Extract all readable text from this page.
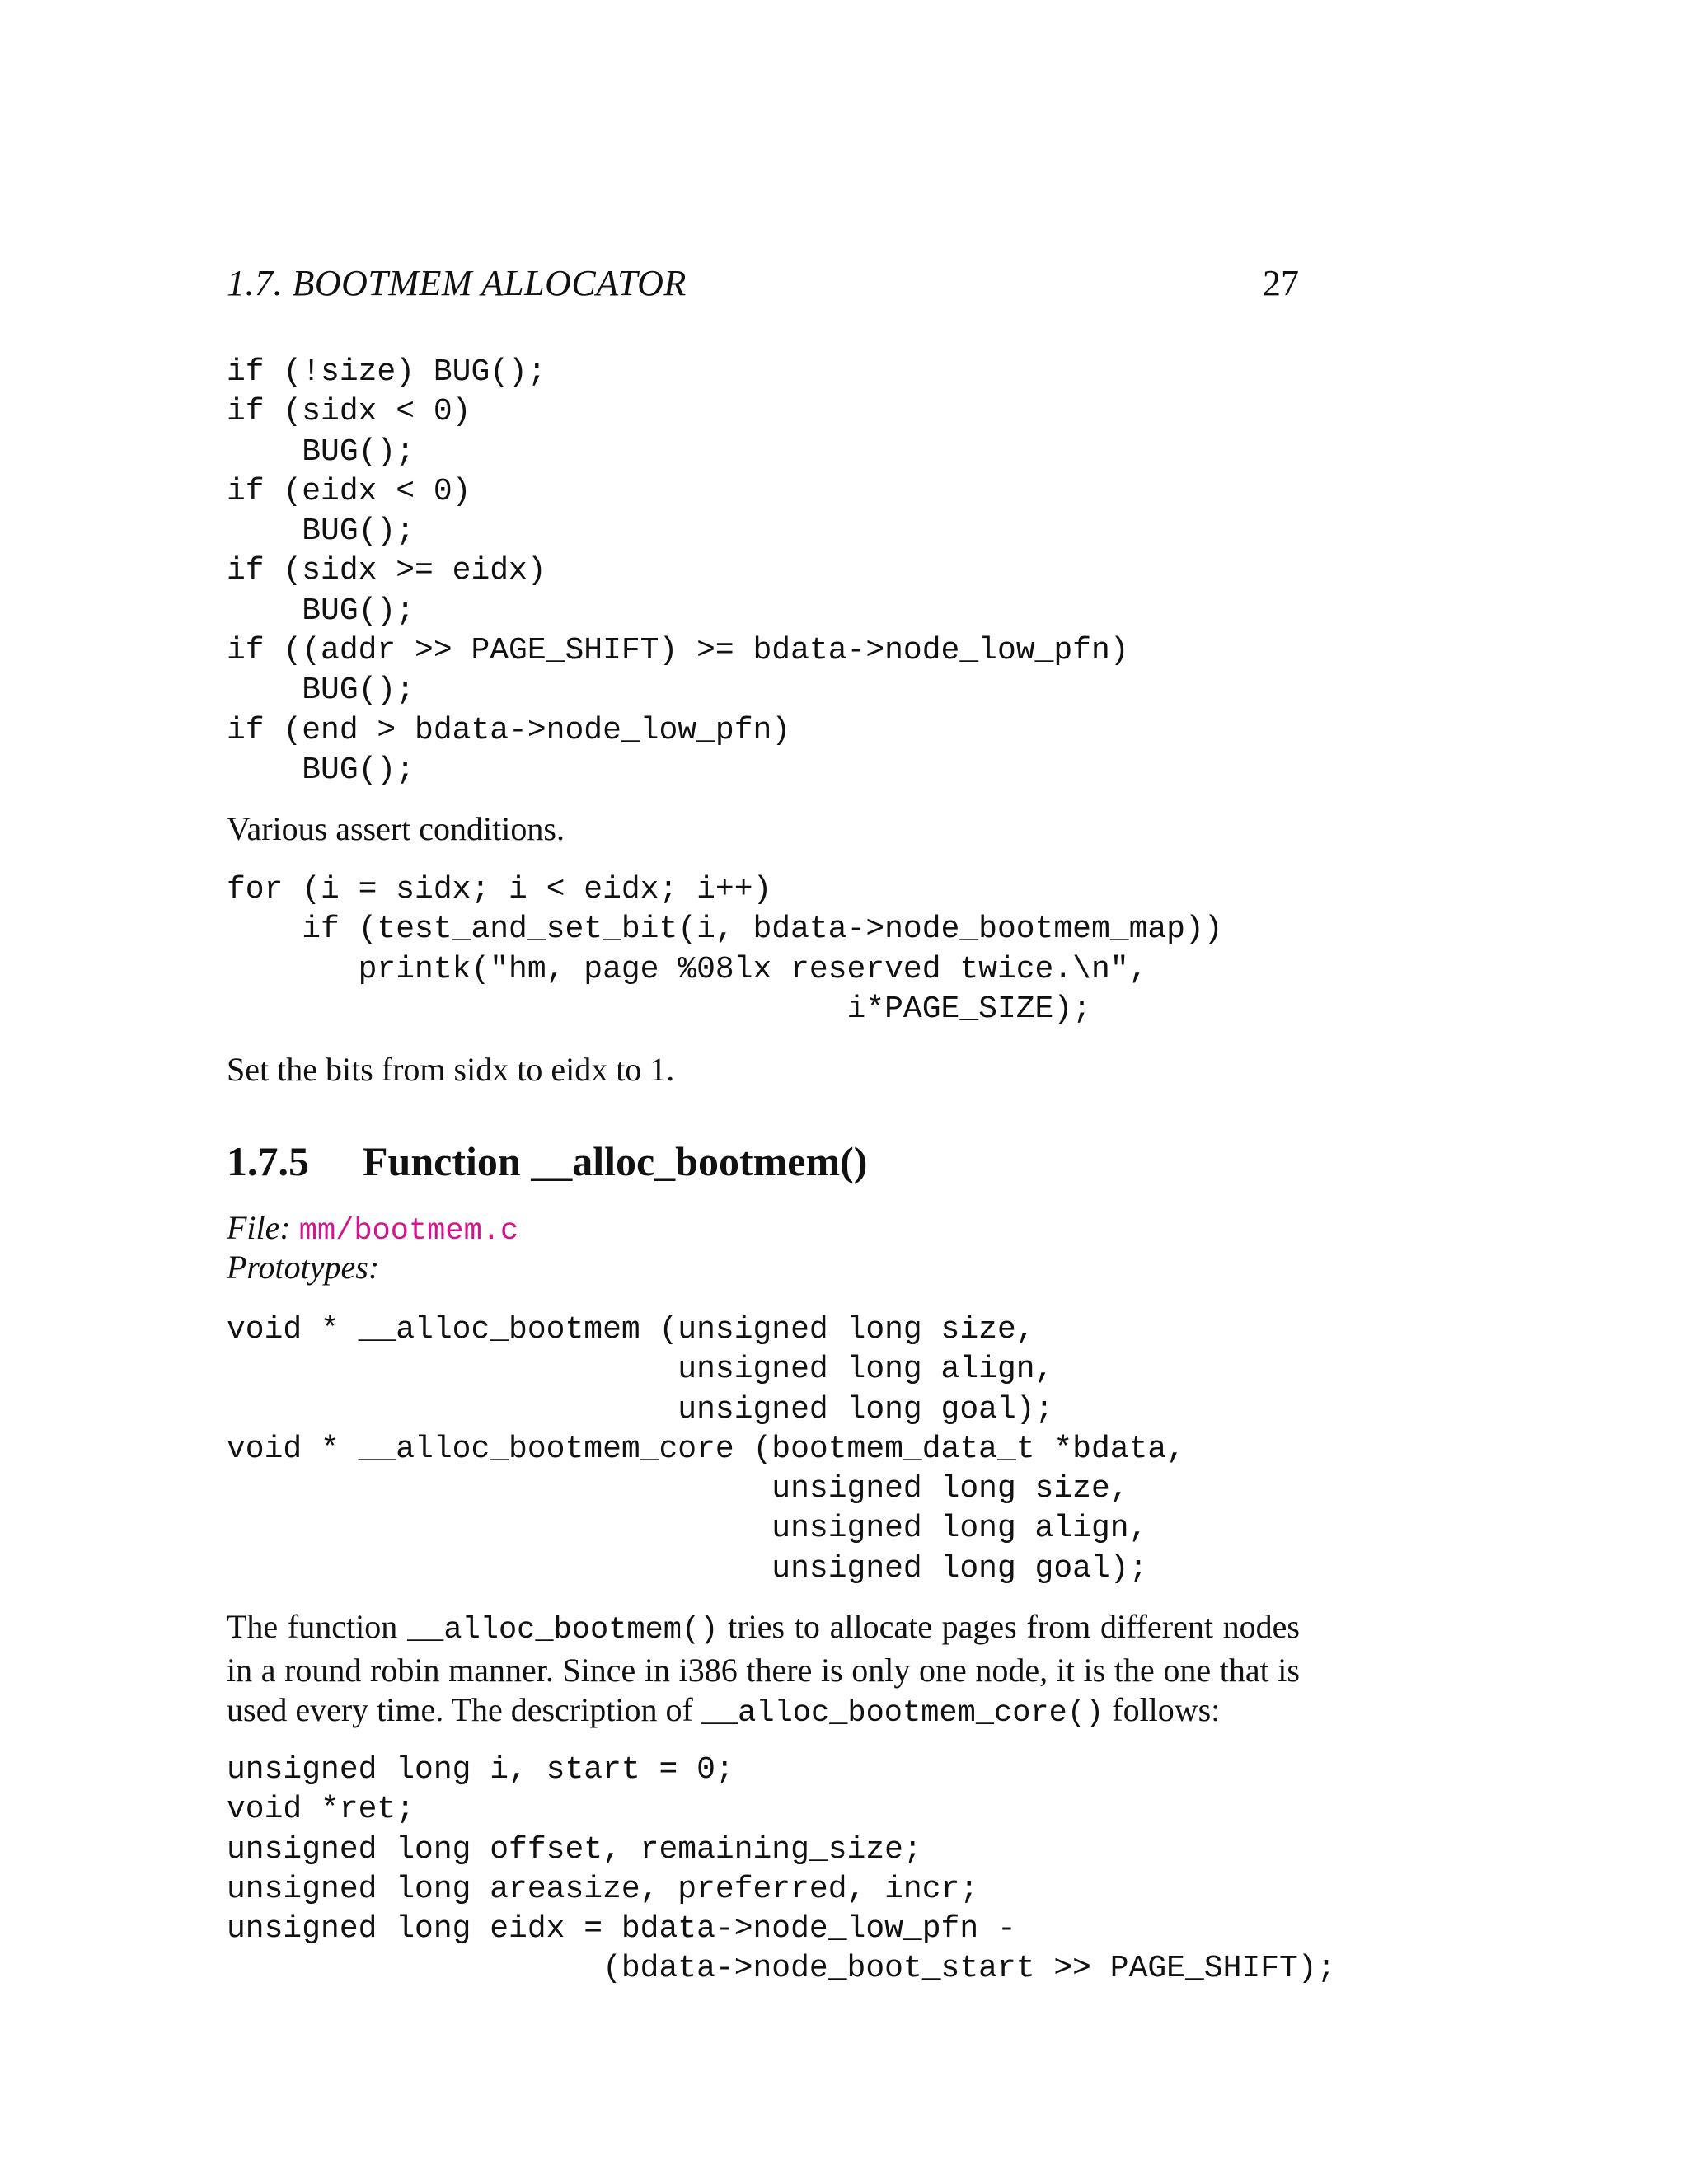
1.7. BOOTMEM ALLOCATOR	27
if (!size) BUG();
if (sidx < 0)
BUG();
if (eidx < 0)
BUG();
if (sidx >= eidx)
BUG();
if ((addr >> PAGE_SHIFT) >= bdata->node_low_pfn)
BUG();
if (end > bdata->node_low_pfn)
BUG();
Various assert conditions.
for (i = sidx; i < eidx; i++)
if (test_and_set_bit(i, bdata->node_bootmem_map))
printk("hm, page %08lx reserved twice.\n",
i*PAGE_SIZE);
Set the bits from sidx to eidx to 1.
1.7.5 Function __alloc_bootmem()
File: mm/bootmem.c
Prototypes:
void * __alloc_bootmem (unsigned long size,
unsigned long align,
unsigned long goal);
void * __alloc_bootmem_core (bootmem_data_t *bdata,
unsigned long size,
unsigned long align,
unsigned long goal);
The function __alloc_bootmem() tries to allocate pages from different nodes in a round robin manner. Since in i386 there is only one node, it is the one that is used every time. The description of __alloc_bootmem_core() follows:
unsigned long i, start = 0;
void *ret;
unsigned long offset, remaining_size;
unsigned long areasize, preferred, incr;
unsigned long eidx = bdata->node_low_pfn -
(bdata->node_boot_start >> PAGE_SHIFT);
